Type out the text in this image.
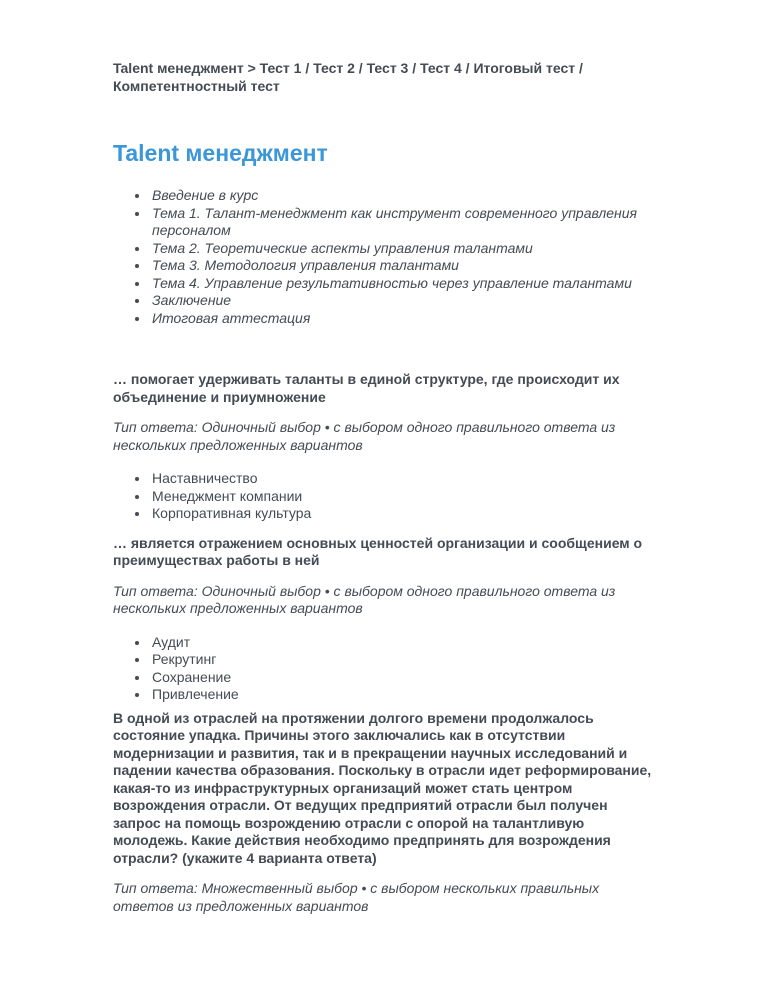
Talent менеджмент > Тест 1 / Тест 2 / Тест 3 / Тест 4 / Итоговый тест / Компетентностный тест

Talent менеджмент
• Введение в курс
• Тема 1. Талант-менеджмент как инструмент современного управления персоналом
• Тема 2. Теоретические аспекты управления талантами
• Тема 3. Методология управления талантами
• Тема 4. Управление результативностью через управление талантами
• Заключение
• Итоговая аттестация

… помогает удерживать таланты в единой структуре, где происходит их объединение и приумножение

Тип ответа: Одиночный выбор • с выбором одного правильного ответа из нескольких предложенных вариантов

• Наставничество
• Менеджмент компании
• Корпоративная культура

… является отражением основных ценностей организации и сообщением о преимуществах работы в ней

Тип ответа: Одиночный выбор • с выбором одного правильного ответа из нескольких предложенных вариантов

• Аудит
• Рекрутинг
• Сохранение
• Привлечение

В одной из отраслей на протяжении долгого времени продолжалось состояние упадка. Причины этого заключались как в отсутствии модернизации и развития, так и в прекращении научных исследований и падении качества образования. Поскольку в отрасли идет реформирование, какая-то из инфраструктурных организаций может стать центром возрождения отрасли. От ведущих предприятий отрасли был получен запрос на помощь возрождению отрасли с опорой на талантливую молодежь. Какие действия необходимо предпринять для возрождения отрасли? (укажите 4 варианта ответа)

Тип ответа: Множественный выбор • с выбором нескольких правильных ответов из предложенных вариантов
